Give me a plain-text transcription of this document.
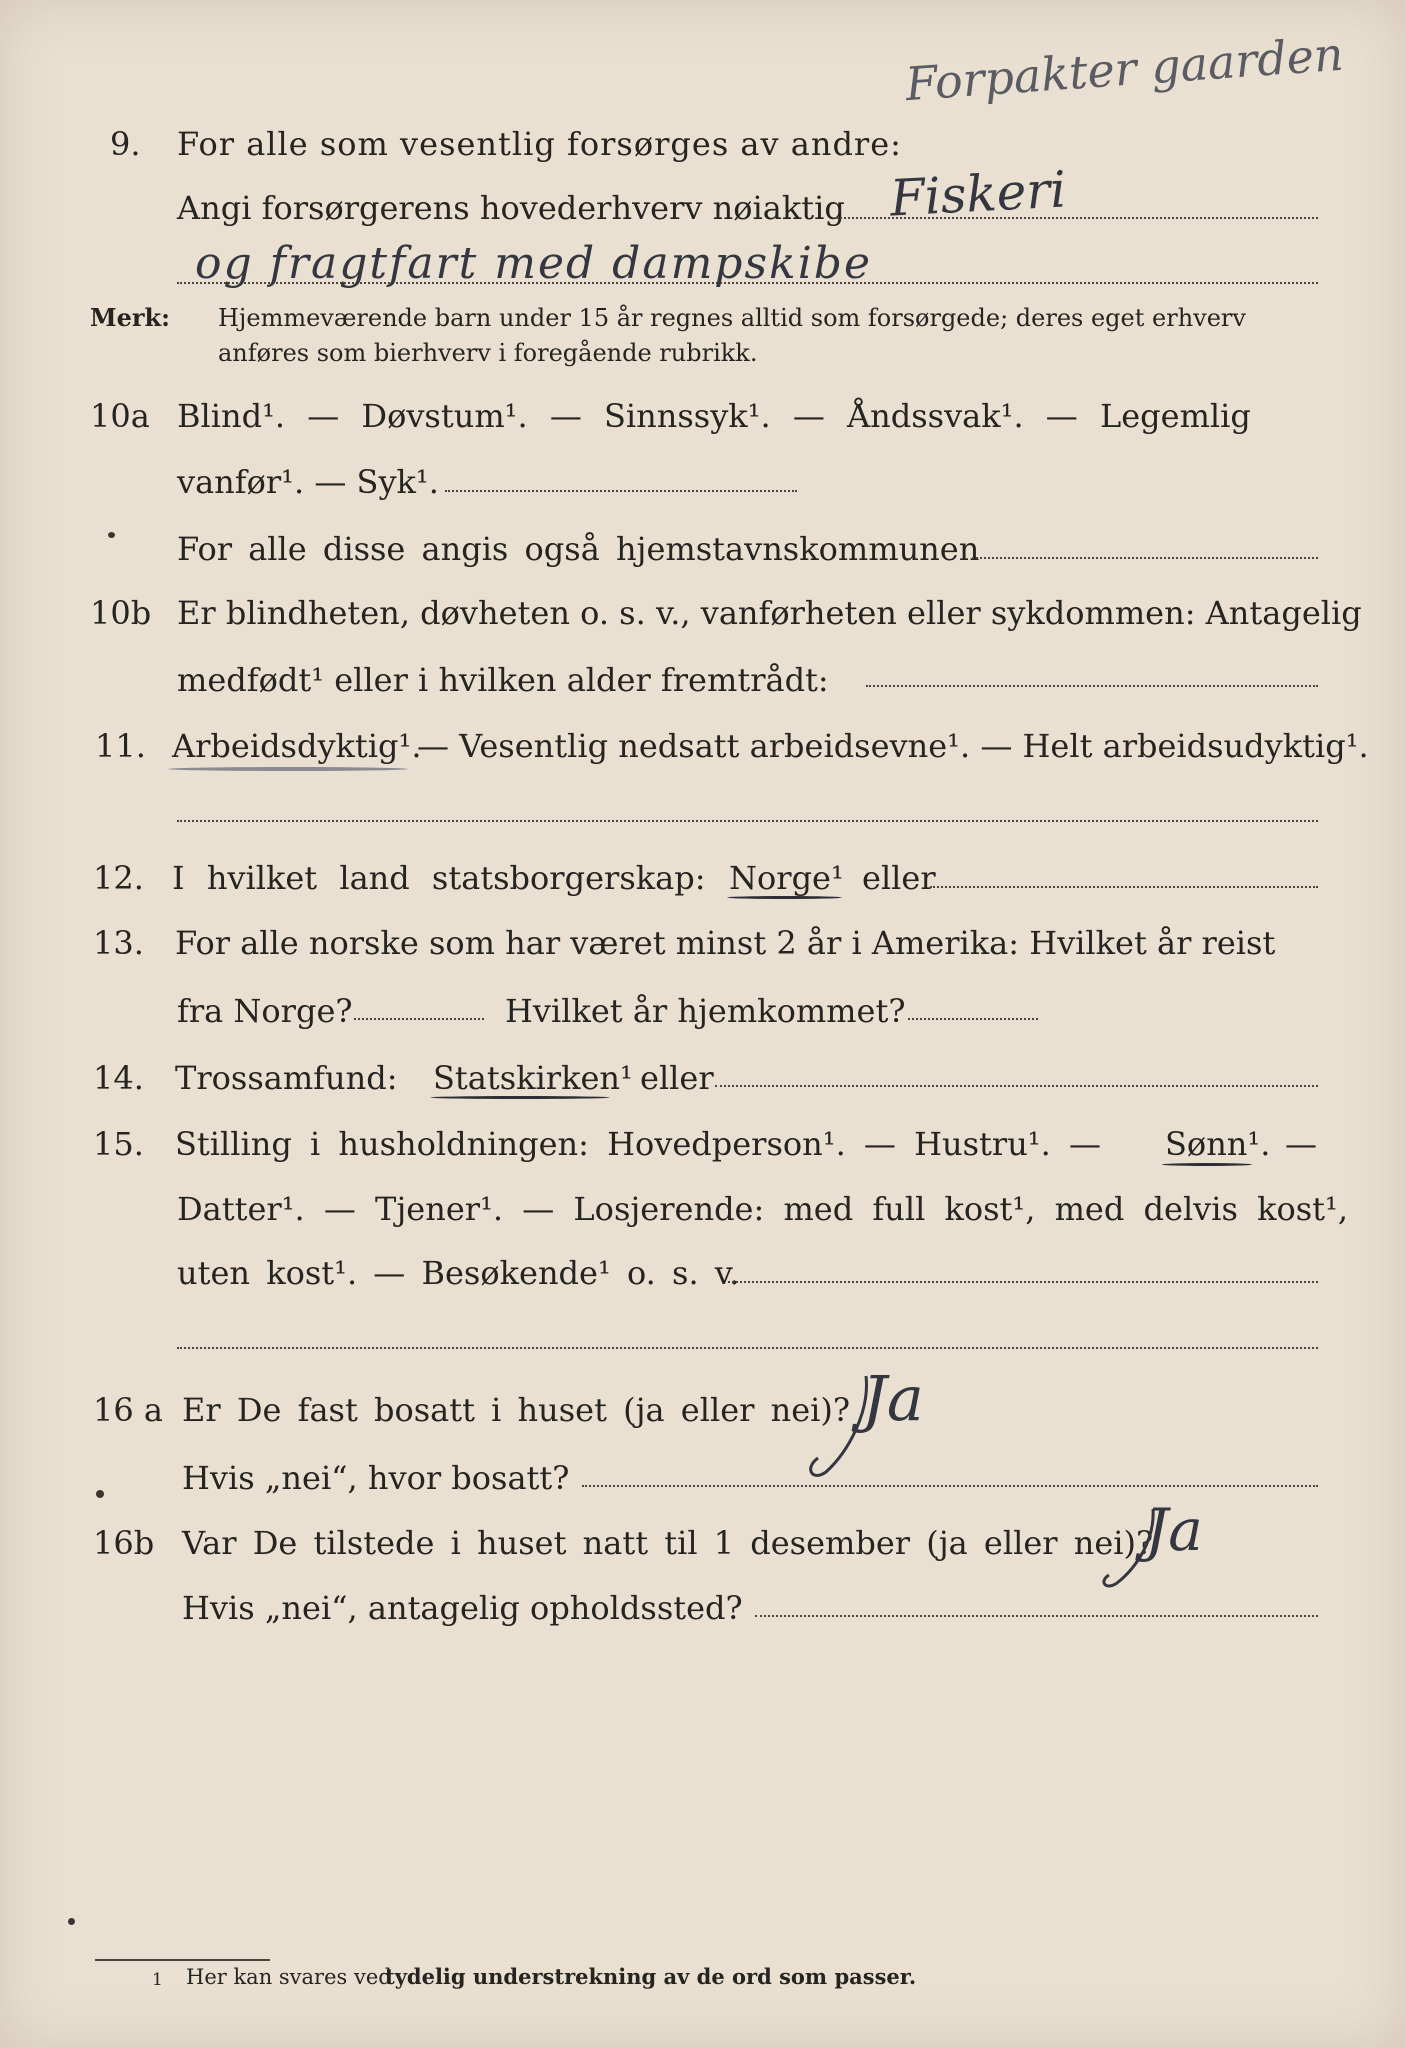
Forpakter gaarden
9. For alle som vesentlig forsørges av andre:
Angi forsørgerens hovederhverv nøiaktig Fiskeri
og fragtfart med dampskibe
Merk: Hjemmeværende barn under 15 år regnes alltid som forsørgede; deres eget erhverv
anføres som bierhverv i foregående rubrikk.
10a Blind¹. — Døvstum¹. — Sinnssyk¹. — Åndssvak¹. — Legemlig
vanfør¹. — Syk¹.
For alle disse angis også hjemstavnskommunen
10b Er blindheten, døvheten o. s. v., vanførheten eller sykdommen: Antagelig
medfødt¹ eller i hvilken alder fremtrådt:
11. Arbeidsdyktig¹.
— Vesentlig nedsatt arbeidsevne¹. — Helt arbeidsudyktig¹.
12. I hvilket land statsborgerskap: Norge¹ eller
13. For alle norske som har været minst 2 år i Amerika: Hvilket år reist
fra Norge?	Hvilket år hjemkommet?
14. Trossamfund: Statskirken¹ eller
15. Stilling i husholdningen: Hovedperson¹. — Hustru¹. — Sønn¹. —
Datter¹. — Tjener¹. — Losjerende: med full kost¹, med delvis kost¹,
uten kost¹. — Besøkende¹ o. s. v.
16 a Er De fast bosatt i huset (ja eller nei)? Ja
Hvis „nei“, hvor bosatt?
16b Var De tilstede i huset natt til 1 desember (ja eller nei)?
Ja
Hvis „nei“, antagelig opholdssted?
1 Her kan svares ved
tydelig understrekning av de ord som passer.
